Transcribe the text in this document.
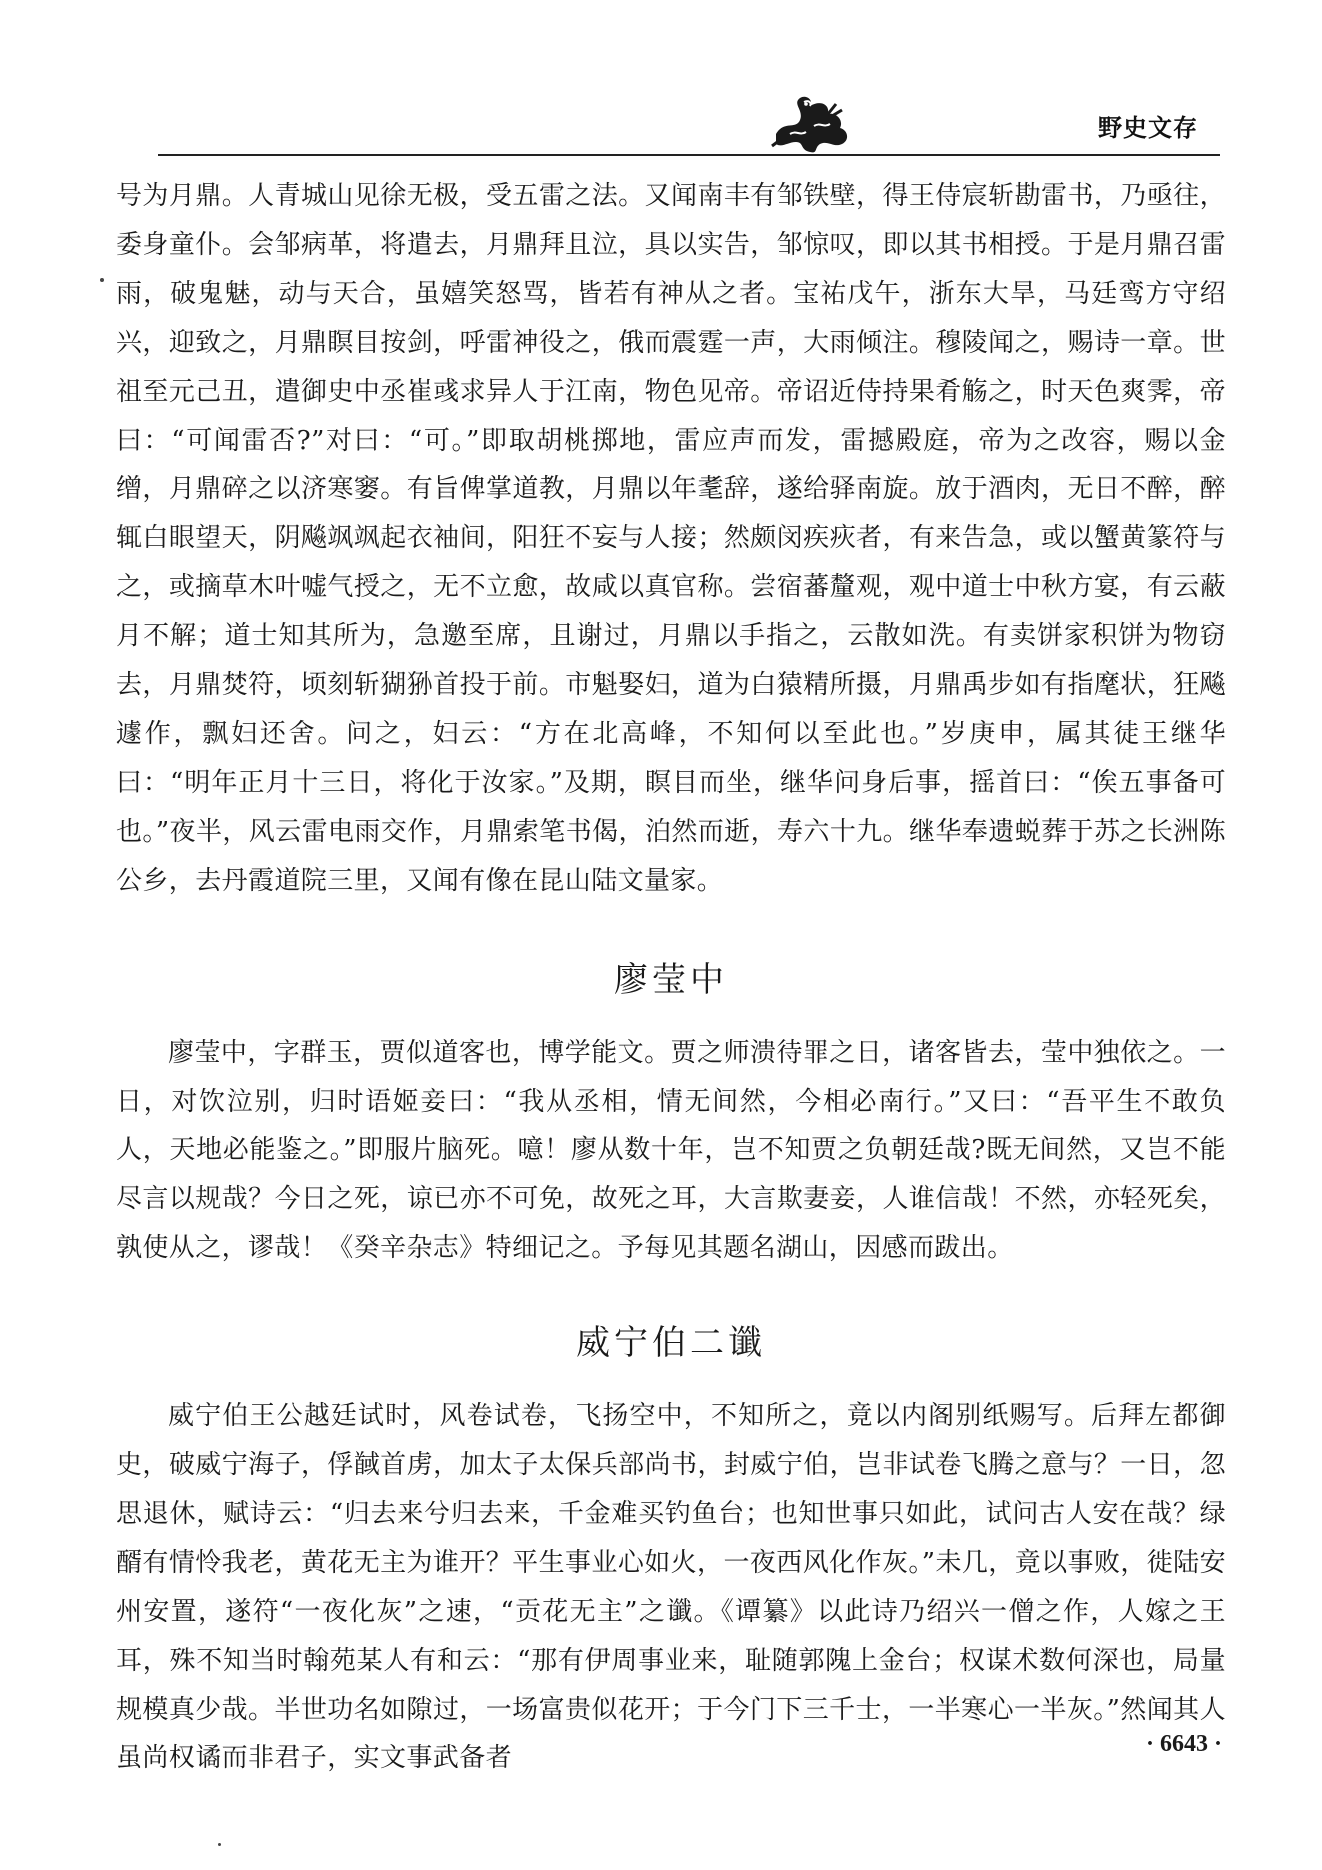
野史文存

号为月鼎。人青城山见徐无极，受五雷之法。又闻南丰有邹铁壁，得王侍宸斩勘雷书，乃亟往，委身童仆。会邹病革，将遣去，月鼎拜且泣，具以实告，邹惊叹，即以其书相授。于是月鼎召雷雨，破鬼魅，动与天合，虽嬉笑怒骂，皆若有神从之者。宝祐戊午，浙东大旱，马廷鸾方守绍兴，迎致之，月鼎瞑目按剑，呼雷神役之，俄而震霆一声，大雨倾注。穆陵闻之，赐诗一章。世祖至元己丑，遣御史中丞崔彧求异人于江南，物色见帝。帝诏近侍持果肴觞之，时天色爽霁，帝曰：“可闻雷否?”对曰：“可。”即取胡桃掷地，雷应声而发，雷撼殿庭，帝为之改容，赐以金缯，月鼎碎之以济寒窭。有旨俾掌道教，月鼎以年耄辞，遂给驿南旋。放于酒肉，无日不醉，醉辄白眼望天，阴飚飒飒起衣袖间，阳狂不妄与人接；然颇闵疾疢者，有来告急，或以蟹黄篆符与之，或摘草木叶嘘气授之，无不立愈，故咸以真官称。尝宿蕃釐观，观中道士中秋方宴，有云蔽月不解；道士知其所为，急邀至席，且谢过，月鼎以手指之，云散如洗。有卖饼家积饼为物窃去，月鼎焚符，顷刻斩猢狲首投于前。市魁娶妇，道为白猿精所摄，月鼎禹步如有指麾状，狂飚遽作，飘妇还舍。问之，妇云：“方在北高峰，不知何以至此也。”岁庚申，属其徒王继华曰：“明年正月十三日，将化于汝家。”及期，瞑目而坐，继华问身后事，摇首曰：“俟五事备可也。”夜半，风云雷电雨交作，月鼎索笔书偈，泊然而逝，寿六十九。继华奉遗蜕葬于苏之长洲陈公乡，去丹霞道院三里，又闻有像在昆山陆文量家。

廖莹中

廖莹中，字群玉，贾似道客也，博学能文。贾之师溃待罪之日，诸客皆去，莹中独依之。一日，对饮泣别，归时语姬妾曰：“我从丞相，情无间然，今相必南行。”又曰：“吾平生不敢负人，天地必能鉴之。”即服片脑死。噫！廖从数十年，岂不知贾之负朝廷哉?既无间然，又岂不能尽言以规哉？今日之死，谅已亦不可免，故死之耳，大言欺妻妾，人谁信哉！不然，亦轻死矣，孰使从之，谬哉！《癸辛杂志》特细记之。予每见其题名湖山，因感而跋出。

威宁伯二谶

威宁伯王公越廷试时，风卷试卷，飞扬空中，不知所之，竟以内阁别纸赐写。后拜左都御史，破威宁海子，俘馘首虏，加太子太保兵部尚书，封威宁伯，岂非试卷飞腾之意与？一日，忽思退休，赋诗云：“归去来兮归去来，千金难买钓鱼台；也知世事只如此，试问古人安在哉？绿醑有情怜我老，黄花无主为谁开？平生事业心如火，一夜西风化作灰。”未几，竟以事败，徙陆安州安置，遂符“一夜化灰”之速，“贡花无主”之谶。《谭纂》以此诗乃绍兴一僧之作，人嫁之王耳，殊不知当时翰苑某人有和云：“那有伊周事业来，耻随郭隗上金台；权谋术数何深也，局量规模真少哉。半世功名如隙过，一场富贵似花开；于今门下三千士，一半寒心一半灰。”然闻其人虽尚权谲而非君子，实文事武备者	· 6643 ·
